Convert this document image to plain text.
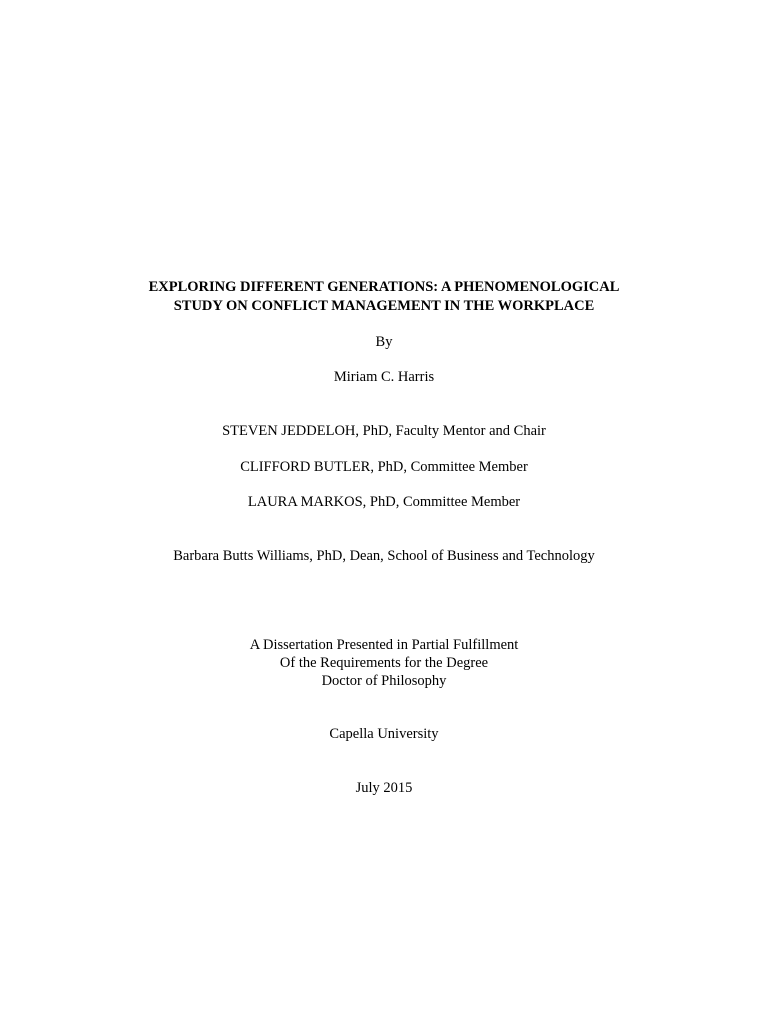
EXPLORING DIFFERENT GENERATIONS: A PHENOMENOLOGICAL
STUDY ON CONFLICT MANAGEMENT IN THE WORKPLACE
By
Miriam C. Harris
STEVEN JEDDELOH, PhD, Faculty Mentor and Chair
CLIFFORD BUTLER, PhD, Committee Member
LAURA MARKOS, PhD, Committee Member
Barbara Butts Williams, PhD, Dean, School of Business and Technology
A Dissertation Presented in Partial Fulfillment
Of the Requirements for the Degree
Doctor of Philosophy
Capella University
July 2015
